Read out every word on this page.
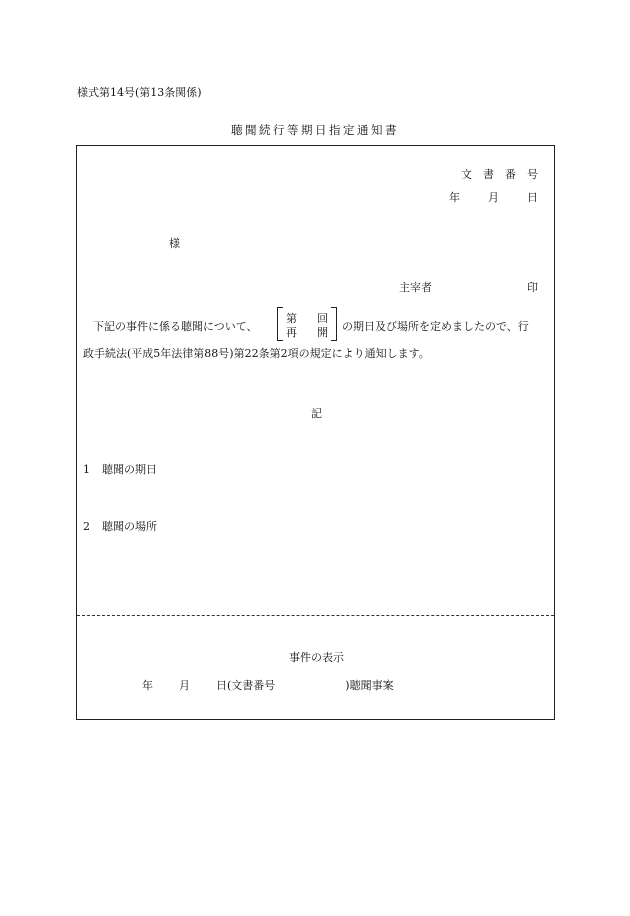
様式第14号(第13条関係)
聴聞続行等期日指定通知書
文書番号
年	月	日
様
主宰者	印
下記の事件に係る聴聞について、
第 回
再 開 の期日及び場所を定めましたので、行
政手続法(平成5年法律第88号)第22条第2項の規定により通知します。
記
1 聴聞の期日
2 聴聞の場所
事件の表示
年 月 日(文書番号	)聴聞事案
